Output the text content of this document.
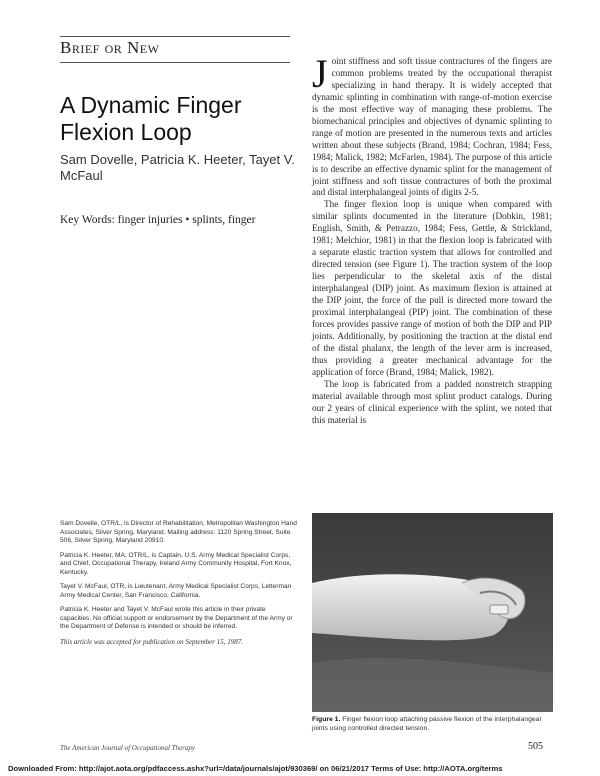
Brief or New
A Dynamic Finger Flexion Loop
Sam Dovelle, Patricia K. Heeter, Tayet V. McFaul
Key Words: finger injuries • splints, finger

Joint stiffness and soft tissue contractures of the fingers are common problems treated by the occupational therapist specializing in hand therapy. It is widely accepted that dynamic splinting in combination with range-of-motion exercise is the most effective way of managing these problems. The biomechanical principles and objectives of dynamic splinting to range of motion are presented in the numerous texts and articles written about these subjects (Brand, 1984; Cochran, 1984; Fess, 1984; Malick, 1982; McFarlen, 1984). The purpose of this article is to describe an effective dynamic splint for the management of joint stiffness and soft tissue contractures of both the proximal and distal interphalangeal joints of digits 2-5.

The finger flexion loop is unique when compared with similar splints documented in the literature (Dobkin, 1981; English, Smith, & Petrazzo, 1984; Fess, Gettle, & Strickland, 1981; Melchior, 1981) in that the flexion loop is fabricated with a separate elastic traction system that allows for controlled and directed tension (see Figure 1). The traction system of the loop lies perpendicular to the skeletal axis of the distal interphalangeal (DIP) joint. As maximum flexion is attained at the DIP joint, the force of the pull is directed more toward the proximal interphalangeal (PIP) joint. The combination of these forces provides passive range of motion of both the DIP and PIP joints. Additionally, by positioning the traction at the distal end of the distal phalanx, the length of the lever arm is increased, thus providing a greater mechanical advantage for the application of force (Brand, 1984; Malick, 1982).

The loop is fabricated from a padded nonstretch strapping material available through most splint product catalogs. During our 2 years of clinical experience with the splint, we noted that this material is

Sam Dovelle, OTR/L, is Director of Rehabilitation, Metropolitan Washington Hand Associates, Silver Spring, Maryland. Mailing address: 1120 Spring Street, Suite 506, Silver Spring, Maryland 20910.

Patricia K. Heeter, MA, OTR/L, is Captain, U.S. Army Medical Specialist Corps, and Chief, Occupational Therapy, Ireland Army Community Hospital, Fort Knox, Kentucky.

Tayet V. McFaul, OTR, is Lieutenant, Army Medical Specialist Corps, Letterman Army Medical Center, San Francisco, California.

Patricia K. Heeter and Tayet V. McFaul wrote this article in their private capacities. No official support or endorsement by the Department of the Army or the Department of Defense is intended or should be inferred.

This article was accepted for publication on September 15, 1987.

Figure 1. Finger flexion loop attaching passive flexion of the interphalangeal joints using controlled directed tension.
The American Journal of Occupational Therapy	505
Downloaded From: http://ajot.aota.org/pdfaccess.ashx?url=/data/journals/ajot/930369/ on 06/21/2017 Terms of Use: http://AOTA.org/terms
